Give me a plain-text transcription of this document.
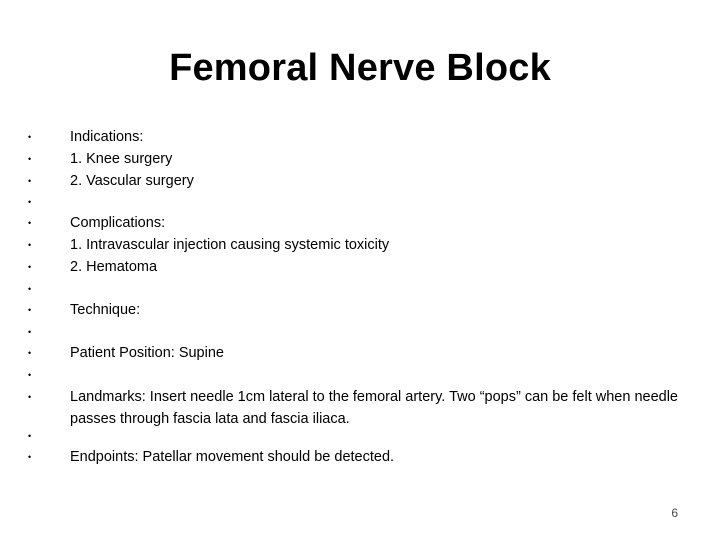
Femoral Nerve Block
•	Indications:
•	1. Knee surgery
•	2. Vascular surgery
•
•	Complications:
•	1. Intravascular injection causing systemic toxicity
•	2. Hematoma
•
•	Technique:
•
•	Patient Position: Supine
•
•	Landmarks: Insert needle 1cm lateral to the femoral artery. Two “pops” can be felt when needle passes through fascia lata and fascia iliaca.
•
•	Endpoints: Patellar movement should be detected.
6
